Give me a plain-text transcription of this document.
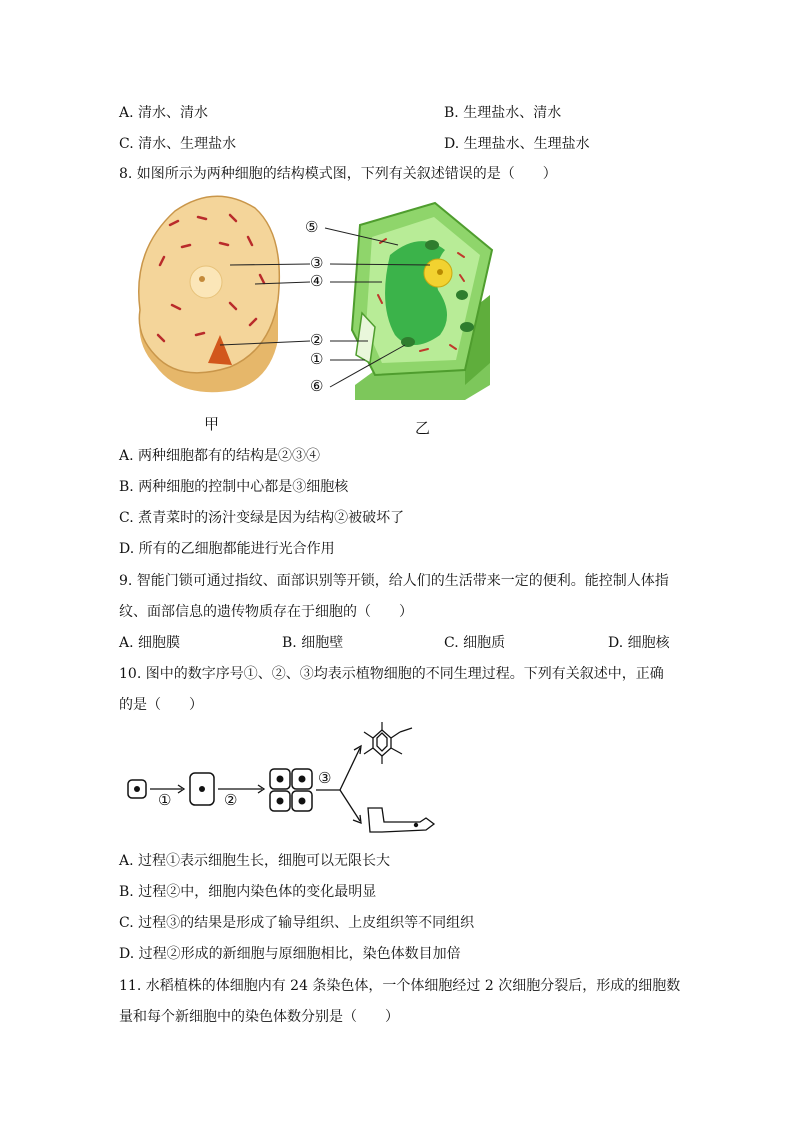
A. 清水、清水	B. 生理盐水、清水
C. 清水、生理盐水	D. 生理盐水、生理盐水
8. 如图所示为两种细胞的结构模式图，下列有关叙述错误的是（　　）
⑤
③
④
②
①
⑥
甲	乙
A. 两种细胞都有的结构是②③④
B. 两种细胞的控制中心都是③细胞核
C. 煮青菜时的汤汁变绿是因为结构②被破坏了
D. 所有的乙细胞都能进行光合作用
9. 智能门锁可通过指纹、面部识别等开锁，给人们的生活带来一定的便利。能控制人体指
纹、面部信息的遗传物质存在于细胞的（　　）
A. 细胞膜	B. 细胞壁	C. 细胞质	D. 细胞核
10. 图中的数字序号①、②、③均表示植物细胞的不同生理过程。下列有关叙述中，正确
的是（　　）
①	②
③
A. 过程①表示细胞生长，细胞可以无限长大
B. 过程②中，细胞内染色体的变化最明显
C. 过程③的结果是形成了输导组织、上皮组织等不同组织
D. 过程②形成的新细胞与原细胞相比，染色体数目加倍
11. 水稻植株的体细胞内有 24 条染色体，一个体细胞经过 2 次细胞分裂后，形成的细胞数
量和每个新细胞中的染色体数分别是（　　）
